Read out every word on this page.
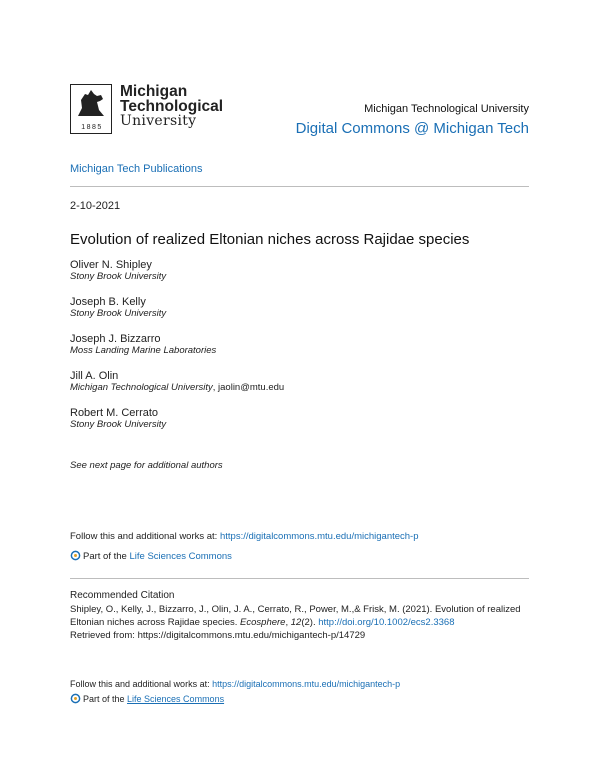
1885
Michigan
Technological
University
Michigan Technological University
Digital Commons @ Michigan Tech
Michigan Tech Publications
2-10-2021
Evolution of realized Eltonian niches across Rajidae species
Oliver N. Shipley
Stony Brook University
Joseph B. Kelly
Stony Brook University
Joseph J. Bizzarro
Moss Landing Marine Laboratories
Jill A. Olin
Michigan Technological University, jaolin@mtu.edu
Robert M. Cerrato
Stony Brook University
See next page for additional authors
Follow this and additional works at: https://digitalcommons.mtu.edu/michigantech-p
Part of the Life Sciences Commons
Recommended Citation
Shipley, O., Kelly, J., Bizzarro, J., Olin, J. A., Cerrato, R., Power, M.,& Frisk, M. (2021). Evolution of realized
Eltonian niches across Rajidae species. Ecosphere, 12(2). http://doi.org/10.1002/ecs2.3368
Retrieved from: https://digitalcommons.mtu.edu/michigantech-p/14729
Follow this and additional works at: https://digitalcommons.mtu.edu/michigantech-p
Part of the Life Sciences Commons
